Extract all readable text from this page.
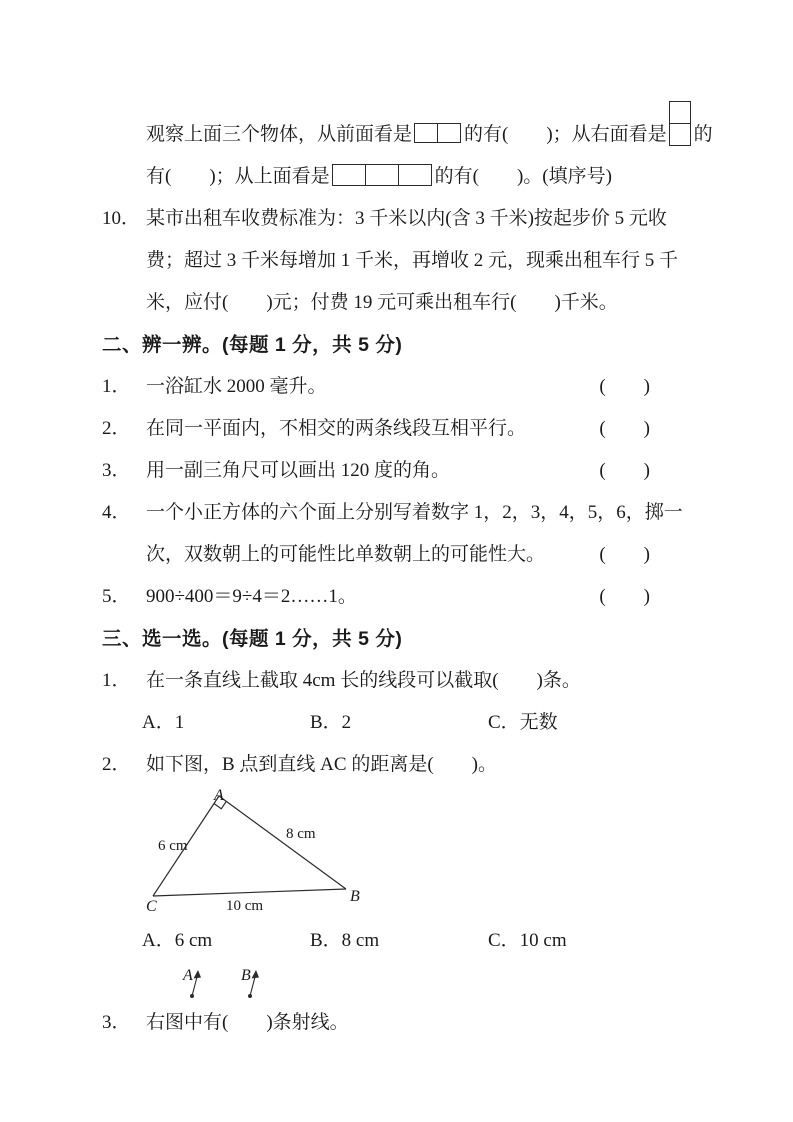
观察上面三个物体，从前面看是	的有(　　)；从右面看是 的
有(　　)；从上面看是	的有(　　)。(填序号)
10． 某市出租车收费标准为：3 千米以内(含 3 千米)按起步价 5 元收费；超过 3 千米每增加 1 千米，再增收 2 元，现乘出租车行 5 千米，应付(　　)元；付费 19 元可乘出租车行(　　)千米。
二、辨一辨。(每题 1 分，共 5 分)
1． 一浴缸水 2000 毫升。	(　　)
2． 在同一平面内，不相交的两条线段互相平行。	(　　)
3． 用一副三角尺可以画出 120 度的角。	(　　)
4． 一个小正方体的六个面上分别写着数字 1，2，3，4，5，6，掷一次，双数朝上的可能性比单数朝上的可能性大。	(　　)
5． 900÷400＝9÷4＝2……1。	(　　)
三、选一选。(每题 1 分，共 5 分)
1． 在一条直线上截取 4cm 长的线段可以截取(　　)条。
A．1	B．2	C．无数
2． 如下图，B 点到直线 AC 的距离是(　　)。
A
C
B
6 cm
8 cm
10 cm
A．6 cm	B．8 cm	C．10 cm
A	B
3． 右图中有(　　)条射线。
